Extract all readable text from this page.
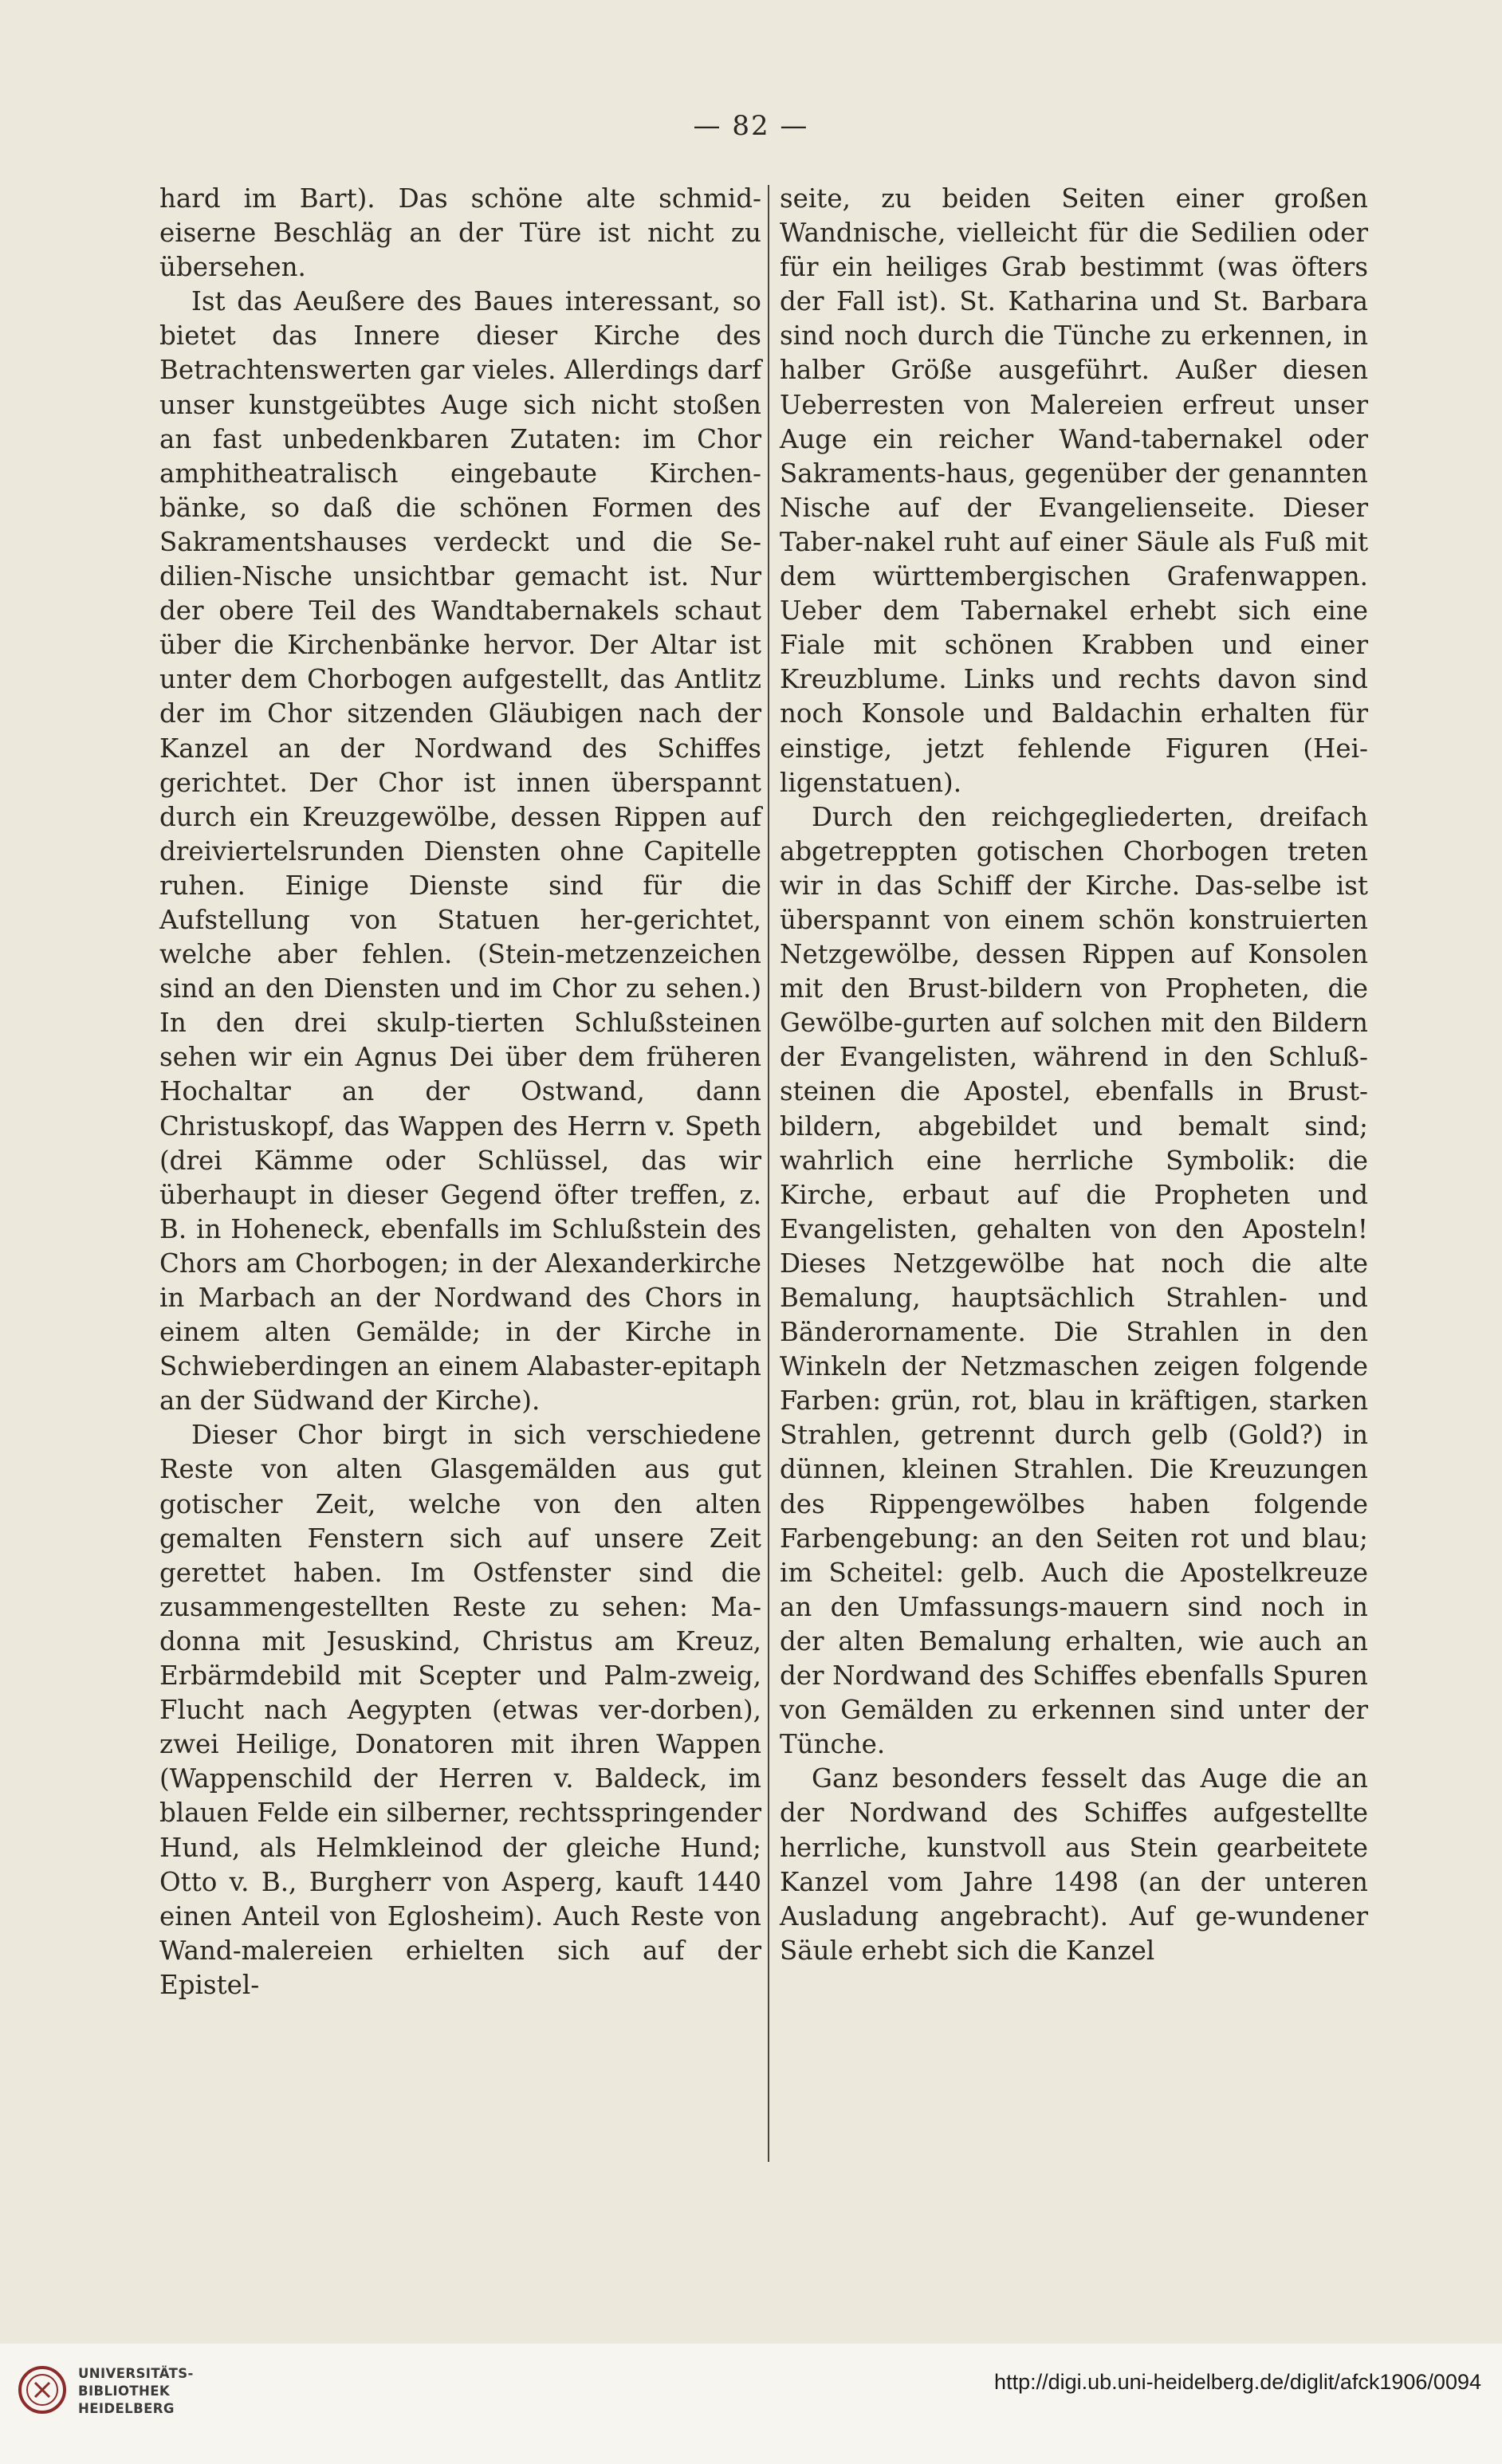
— 82 —

hard im Bart). Das schöne alte schmid-eiserne Beschläg an der Türe ist nicht zu übersehen.

Ist das Aeußere des Baues interessant, so bietet das Innere dieser Kirche des Betrachtenswerten gar vieles. Allerdings darf unser kunstgeübtes Auge sich nicht stoßen an fast unbedenkbaren Zutaten: im Chor amphitheatralisch eingebaute Kirchen-bänke, so daß die schönen Formen des Sakramentshauses verdeckt und die Se-dilien-Nische unsichtbar gemacht ist. Nur der obere Teil des Wandtabernakels schaut über die Kirchenbänke hervor. Der Altar ist unter dem Chorbogen aufgestellt, das Antlitz der im Chor sitzenden Gläubigen nach der Kanzel an der Nordwand des Schiffes gerichtet. Der Chor ist innen überspannt durch ein Kreuzgewölbe, dessen Rippen auf dreiviertelsrunden Diensten ohne Capitelle ruhen. Einige Dienste sind für die Aufstellung von Statuen her-gerichtet, welche aber fehlen. (Stein-metzenzeichen sind an den Diensten und im Chor zu sehen.) In den drei skulp-tierten Schlußsteinen sehen wir ein Agnus Dei über dem früheren Hochaltar an der Ostwand, dann Christuskopf, das Wappen des Herrn v. Speth (drei Kämme oder Schlüssel, das wir überhaupt in dieser Gegend öfter treffen, z. B. in Hoheneck, ebenfalls im Schlußstein des Chors am Chorbogen; in der Alexanderkirche in Marbach an der Nordwand des Chors in einem alten Gemälde; in der Kirche in Schwieberdingen an einem Alabaster-epitaph an der Südwand der Kirche).

Dieser Chor birgt in sich verschiedene Reste von alten Glasgemälden aus gut gotischer Zeit, welche von den alten gemalten Fenstern sich auf unsere Zeit gerettet haben. Im Ostfenster sind die zusammengestellten Reste zu sehen: Ma-donna mit Jesuskind, Christus am Kreuz, Erbärmdebild mit Scepter und Palm-zweig, Flucht nach Aegypten (etwas ver-dorben), zwei Heilige, Donatoren mit ihren Wappen (Wappenschild der Herren v. Baldeck, im blauen Felde ein silberner, rechtsspringender Hund, als Helmkleinod der gleiche Hund; Otto v. B., Burgherr von Asperg, kauft 1440 einen Anteil von Eglosheim). Auch Reste von Wand-malereien erhielten sich auf der Epistel-

seite, zu beiden Seiten einer großen Wandnische, vielleicht für die Sedilien oder für ein heiliges Grab bestimmt (was öfters der Fall ist). St. Katharina und St. Barbara sind noch durch die Tünche zu erkennen, in halber Größe ausgeführt. Außer diesen Ueberresten von Malereien erfreut unser Auge ein reicher Wand-tabernakel oder Sakraments-haus, gegenüber der genannten Nische auf der Evangelienseite. Dieser Taber-nakel ruht auf einer Säule als Fuß mit dem württembergischen Grafenwappen. Ueber dem Tabernakel erhebt sich eine Fiale mit schönen Krabben und einer Kreuzblume. Links und rechts davon sind noch Konsole und Baldachin erhalten für einstige, jetzt fehlende Figuren (Hei-ligenstatuen).

Durch den reichgegliederten, dreifach abgetreppten gotischen Chorbogen treten wir in das Schiff der Kirche. Das-selbe ist überspannt von einem schön konstruierten Netzgewölbe, dessen Rippen auf Konsolen mit den Brust-bildern von Propheten, die Gewölbe-gurten auf solchen mit den Bildern der Evangelisten, während in den Schluß-steinen die Apostel, ebenfalls in Brust-bildern, abgebildet und bemalt sind; wahrlich eine herrliche Symbolik: die Kirche, erbaut auf die Propheten und Evangelisten, gehalten von den Aposteln! Dieses Netzgewölbe hat noch die alte Bemalung, hauptsächlich Strahlen- und Bänderornamente. Die Strahlen in den Winkeln der Netzmaschen zeigen folgende Farben: grün, rot, blau in kräftigen, starken Strahlen, getrennt durch gelb (Gold?) in dünnen, kleinen Strahlen. Die Kreuzungen des Rippengewölbes haben folgende Farbengebung: an den Seiten rot und blau; im Scheitel: gelb. Auch die Apostelkreuze an den Umfassungs-mauern sind noch in der alten Bemalung erhalten, wie auch an der Nordwand des Schiffes ebenfalls Spuren von Gemälden zu erkennen sind unter der Tünche.

Ganz besonders fesselt das Auge die an der Nordwand des Schiffes aufgestellte herrliche, kunstvoll aus Stein gearbeitete Kanzel vom Jahre 1498 (an der unteren Ausladung angebracht). Auf ge-wundener Säule erhebt sich die Kanzel

UNIVERSITÄTS-
BIBLIOTHEK
HEIDELBERG
http://digi.ub.uni-heidelberg.de/diglit/afck1906/0094
